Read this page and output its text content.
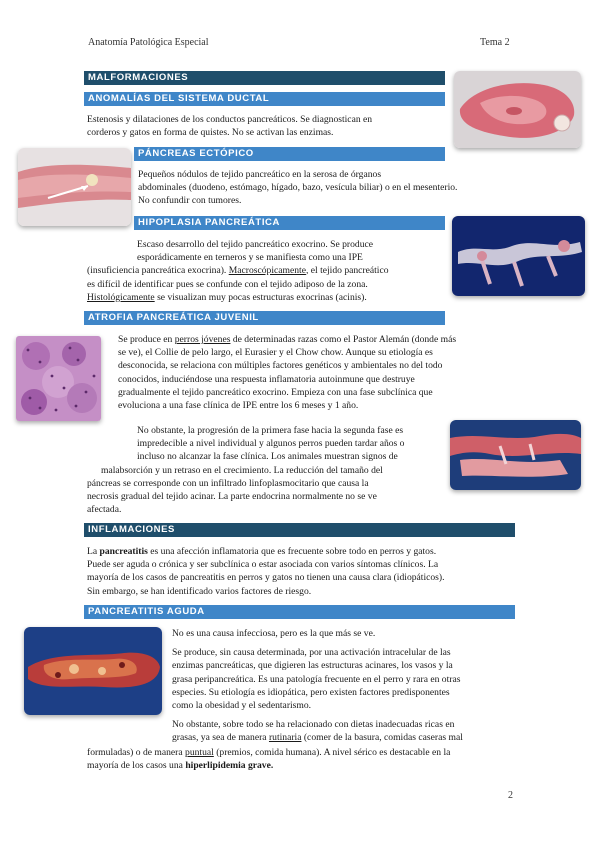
Anatomía Patológica Especial	Tema 2
MALFORMACIONES
ANOMALÍAS DEL SISTEMA DUCTAL

Estenosis y dilataciones de los conductos pancreáticos. Se diagnostican en

corderos y gatos en forma de quistes. No se activan las enzimas.

PÁNCREAS ECTÓPICO

Pequeños nódulos de tejido pancreático en la serosa de órganos

abdominales (duodeno, estómago, hígado, bazo, vesícula biliar) o en el mesenterio.

No confundir con tumores.

HIPOPLASIA PANCREÁTICA

Escaso desarrollo del tejido pancreático exocrino. Se produce

esporádicamente en terneros y se manifiesta como una IPE

(insuficiencia pancreática exocrina). Macroscópicamente, el tejido pancreático

es difícil de identificar pues se confunde con el tejido adiposo de la zona.

Histológicamente se visualizan muy pocas estructuras exocrinas (acinis).

ATROFIA PANCREÁTICA JUVENIL

Se produce en perros jóvenes de determinadas razas como el Pastor Alemán (donde más

se ve), el Collie de pelo largo, el Eurasier y el Chow chow. Aunque su etiología es

desconocida, se relaciona con múltiples factores genéticos y ambientales no del todo

conocidos, induciéndose una respuesta inflamatoria autoinmune que destruye

gradualmente el tejido pancreático exocrino. Empieza con una fase subclínica que

evoluciona a una fase clínica de IPE entre los 6 meses y 1 año.

No obstante, la progresión de la primera fase hacia la segunda fase es

impredecible a nivel individual y algunos perros pueden tardar años o

incluso no alcanzar la fase clínica. Los animales muestran signos de

malabsorción y un retraso en el crecimiento. La reducción del tamaño del

páncreas se corresponde con un infiltrado linfoplasmocitario que causa la

necrosis gradual del tejido acinar. La parte endocrina normalmente no se ve

afectada.

INFLAMACIONES

La pancreatitis es una afección inflamatoria que es frecuente sobre todo en perros y gatos.

Puede ser aguda o crónica y ser subclínica o estar asociada con varios síntomas clínicos. La

mayoría de los casos de pancreatitis en perros y gatos no tienen una causa clara (idiopáticos).

Sin embargo, se han identificado varios factores de riesgo.

PANCREATITIS AGUDA

No es una causa infecciosa, pero es la que más se ve.

Se produce, sin causa determinada, por una activación intracelular de las

enzimas pancreáticas, que digieren las estructuras acinares, los vasos y la

grasa peripancreática. Es una patología frecuente en el perro y rara en otras

especies. Su etiología es idiopática, pero existen factores predisponentes

como la obesidad y el sedentarismo.

No obstante, sobre todo se ha relacionado con dietas inadecuadas ricas en

grasas, ya sea de manera rutinaria (comer de la basura, comidas caseras mal

formuladas) o de manera puntual (premios, comida humana). A nivel sérico es destacable en la

mayoría de los casos una hiperlipidemia grave.

2
